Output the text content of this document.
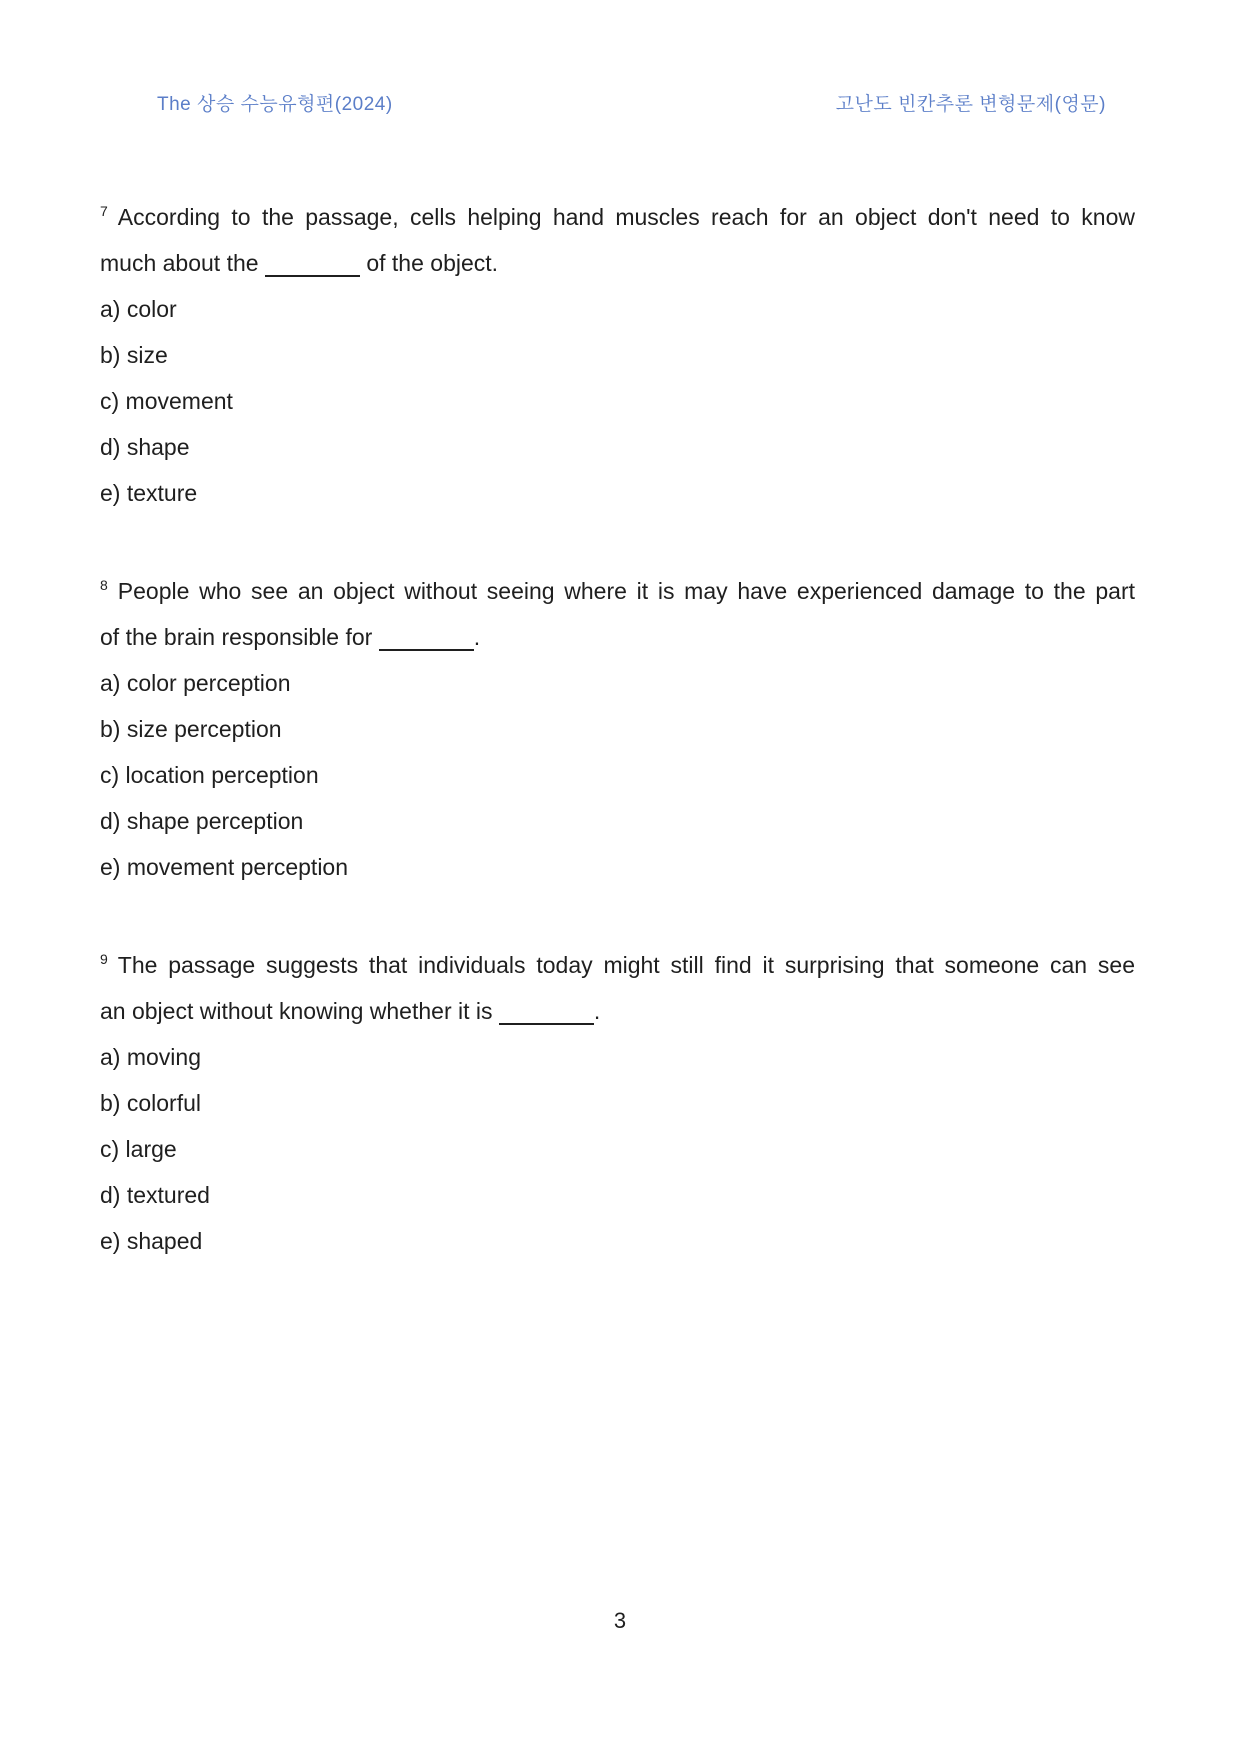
The 상승 수능유형편(2024)	고난도 빈칸추론 변형문제(영문)
$^7$ According to the passage, cells helping hand muscles reach for an object don't need to know
much about the	of the object.
a) color
b) size
c) movement
d) shape
e) texture
$^8$ People who see an object without seeing where it is may have experienced damage to the part
of the brain responsible for	.
a) color perception
b) size perception
c) location perception
d) shape perception
e) movement perception
$^9$ The passage suggests that individuals today might still find it surprising that someone can see
an object without knowing whether it is	.
a) moving
b) colorful
c) large
d) textured
e) shaped
3
